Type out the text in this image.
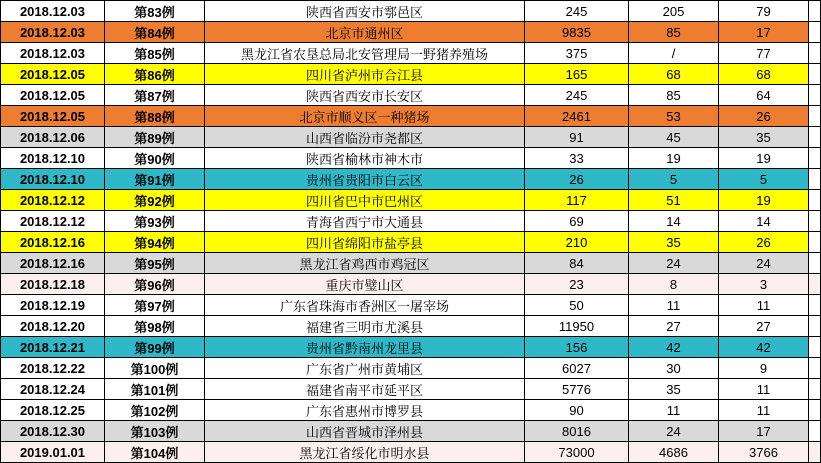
2018.12.03	第83例	陕西省西安市鄠邑区	245	205	79	
2018.12.03	第84例	北京市通州区	9835	85	17	
2018.12.03	第85例	黑龙江省农垦总局北安管理局一野猪养殖场	375	/	77	
2018.12.05	第86例	四川省泸州市合江县	165	68	68	
2018.12.05	第87例	陕西省西安市长安区	245	85	64	
2018.12.05	第88例	北京市顺义区一种猪场	2461	53	26	
2018.12.06	第89例	山西省临汾市尧都区	91	45	35	
2018.12.10	第90例	陕西省榆林市神木市	33	19	19	
2018.12.10	第91例	贵州省贵阳市白云区	26	5	5	
2018.12.12	第92例	四川省巴中市巴州区	117	51	19	
2018.12.12	第93例	青海省西宁市大通县	69	14	14	
2018.12.16	第94例	四川省绵阳市盐亭县	210	35	26	
2018.12.16	第95例	黑龙江省鸡西市鸡冠区	84	24	24	
2018.12.18	第96例	重庆市璧山区	23	8	3	
2018.12.19	第97例	广东省珠海市香洲区一屠宰场	50	11	11	
2018.12.20	第98例	福建省三明市尤溪县	11950	27	27	
2018.12.21	第99例	贵州省黔南州龙里县	156	42	42	
2018.12.22	第100例	广东省广州市黄埔区	6027	30	9	
2018.12.24	第101例	福建省南平市延平区	5776	35	11	
2018.12.25	第102例	广东省惠州市博罗县	90	11	11	
2018.12.30	第103例	山西省晋城市泽州县	8016	24	17	
2019.01.01	第104例	黑龙江省绥化市明水县	73000	4686	3766	
